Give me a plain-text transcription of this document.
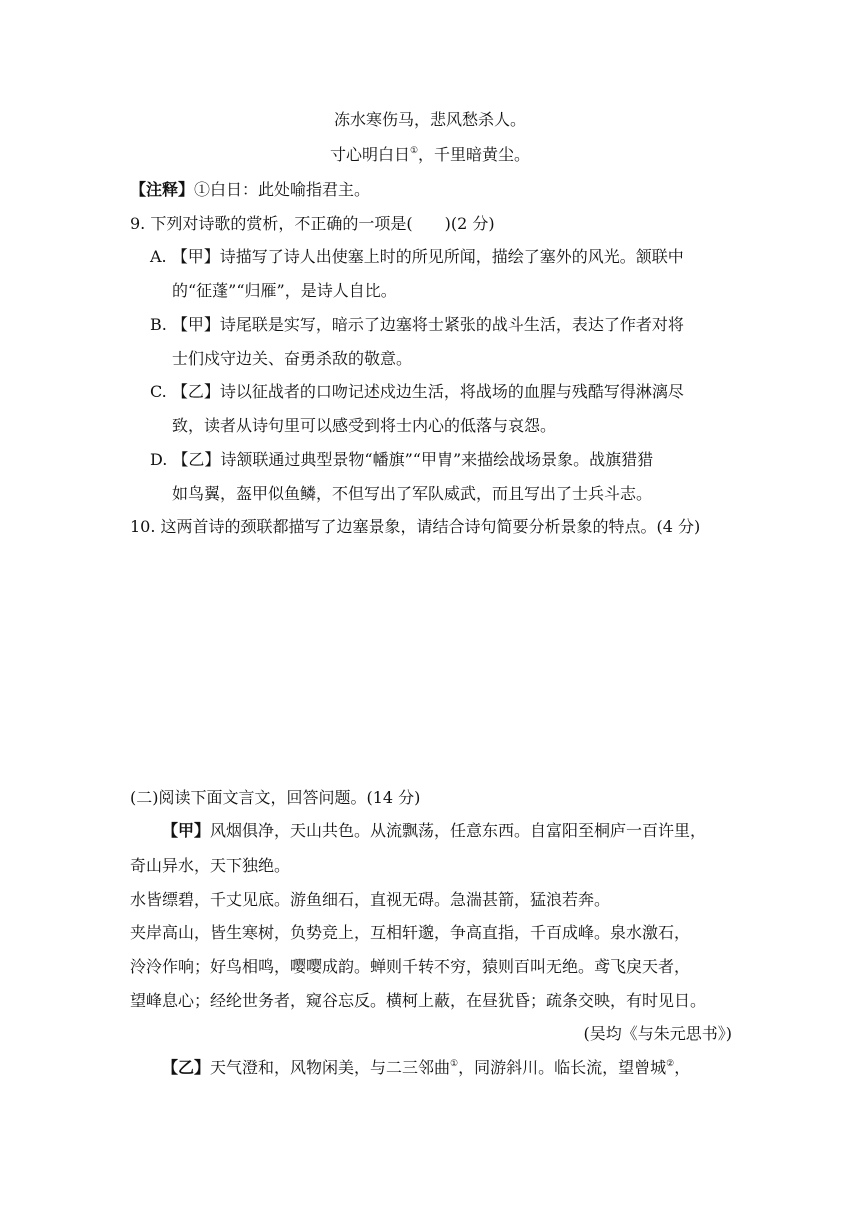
冻水寒伤马，悲风愁杀人。
寸心明白日①，千里暗黄尘。
【注释】①白日：此处喻指君主。
9. 下列对诗歌的赏析，不正确的一项是(　　)(2 分)
A. 【甲】诗描写了诗人出使塞上时的所见所闻，描绘了塞外的风光。颔联中
的“征蓬”“归雁”，是诗人自比。
B. 【甲】诗尾联是实写，暗示了边塞将士紧张的战斗生活，表达了作者对将
士们戍守边关、奋勇杀敌的敬意。
C. 【乙】诗以征战者的口吻记述戍边生活，将战场的血腥与残酷写得淋漓尽
致，读者从诗句里可以感受到将士内心的低落与哀怨。
D. 【乙】诗颔联通过典型景物“幡旗”“甲胄”来描绘战场景象。战旗猎猎
如鸟翼，盔甲似鱼鳞，不但写出了军队威武，而且写出了士兵斗志。
10. 这两首诗的颈联都描写了边塞景象，请结合诗句简要分析景象的特点。(4 分)
(二)阅读下面文言文，回答问题。(14 分)
【甲】风烟俱净，天山共色。从流飘荡，任意东西。自富阳至桐庐一百许里，
奇山异水，天下独绝。
水皆缥碧，千丈见底。游鱼细石，直视无碍。急湍甚箭，猛浪若奔。
夹岸高山，皆生寒树，负势竞上，互相轩邈，争高直指，千百成峰。泉水激石，
泠泠作响；好鸟相鸣，嘤嘤成韵。蝉则千转不穷，猿则百叫无绝。鸢飞戾天者，
望峰息心；经纶世务者，窥谷忘反。横柯上蔽，在昼犹昏；疏条交映，有时见日。
(吴均《与朱元思书》)
【乙】天气澄和，风物闲美，与二三邻曲①，同游斜川。临长流，望曾城②，
